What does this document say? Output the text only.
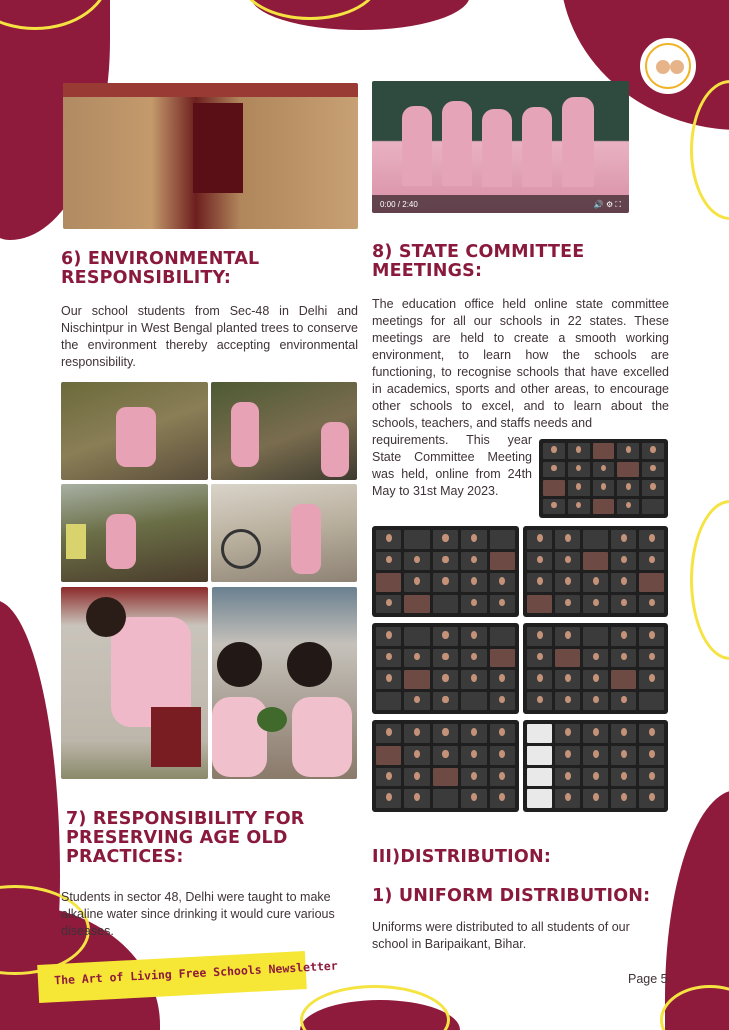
0:00 / 2:40	🔊 ⚙ ⛶
6) ENVIRONMENTAL
RESPONSIBILITY:
Our school students from Sec-48 in Delhi and Nischintpur in West Bengal planted trees to conserve the environment thereby accepting environmental responsibility.
8) STATE COMMITTEE
MEETINGS:
The education office held online state committee meetings for all our schools in 22 states. These meetings are held to create a smooth working environment, to learn how the schools are functioning, to recognise schools that have excelled in academics, sports and other areas, to encourage other schools to excel, and to learn about the schools, teachers, and staffs needs and
requirements. This year State Committee Meeting was held, online from 24th May to 31st May 2023.
7) RESPONSIBILITY FOR
PRESERVING AGE OLD
PRACTICES:
Students in sector 48, Delhi were taught to make alkaline water since drinking it would cure various diseases.
III)DISTRIBUTION:
1) UNIFORM DISTRIBUTION:
Uniforms were distributed to all students of our school in Baripaikant, Bihar.
The Art of Living Free Schools Newsletter	Page 5
